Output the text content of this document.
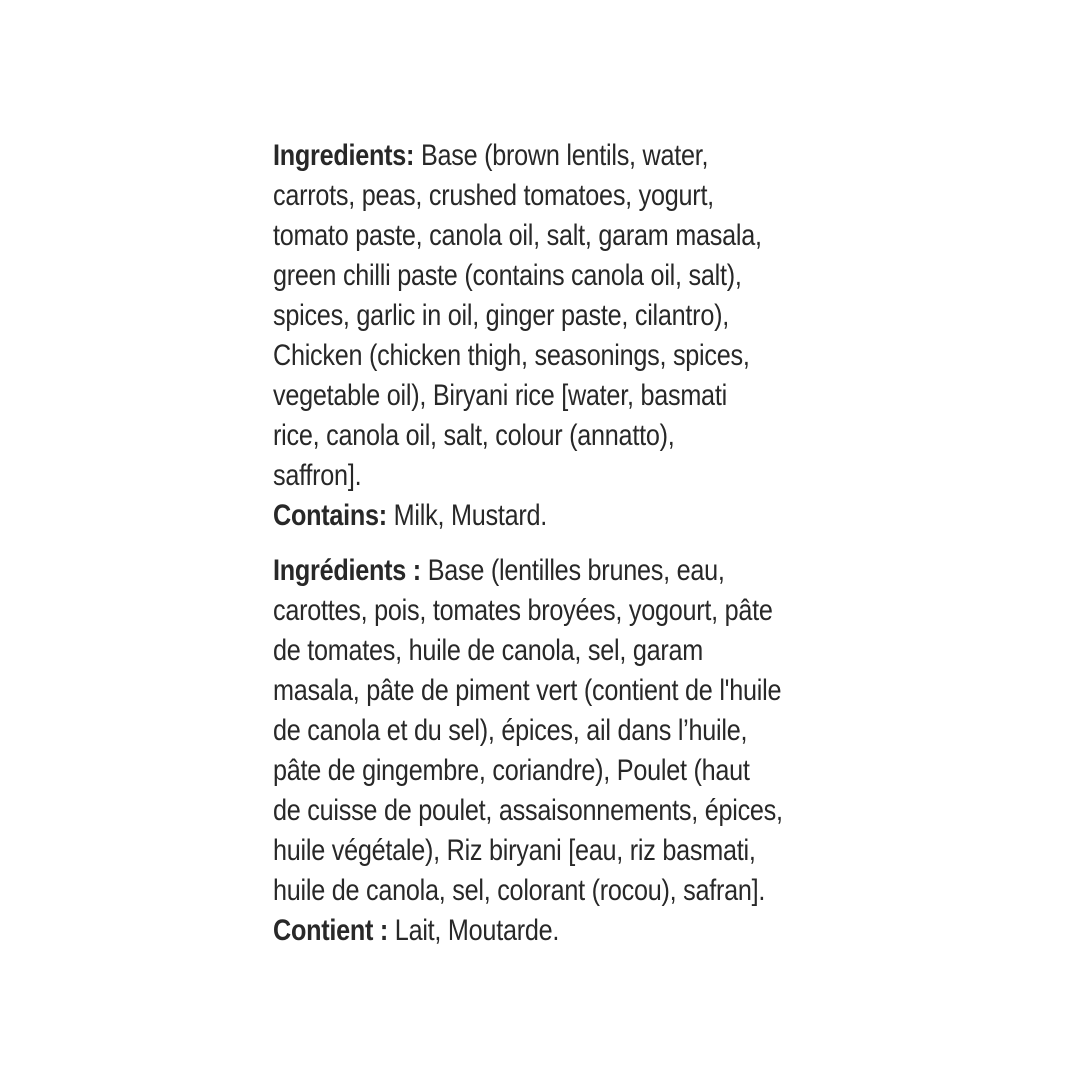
Ingredients: Base (brown lentils, water,
carrots, peas, crushed tomatoes, yogurt,
tomato paste, canola oil, salt, garam masala,
green chilli paste (contains canola oil, salt),
spices, garlic in oil, ginger paste, cilantro),
Chicken (chicken thigh, seasonings, spices,
vegetable oil), Biryani rice [water, basmati
rice, canola oil, salt, colour (annatto),
saffron].
Contains: Milk, Mustard.

Ingrédients : Base (lentilles brunes, eau,
carottes, pois, tomates broyées, yogourt, pâte
de tomates, huile de canola, sel, garam
masala, pâte de piment vert (contient de l'huile
de canola et du sel), épices, ail dans l’huile,
pâte de gingembre, coriandre), Poulet (haut
de cuisse de poulet, assaisonnements, épices,
huile végétale), Riz biryani [eau, riz basmati,
huile de canola, sel, colorant (rocou), safran].
Contient : Lait, Moutarde.
